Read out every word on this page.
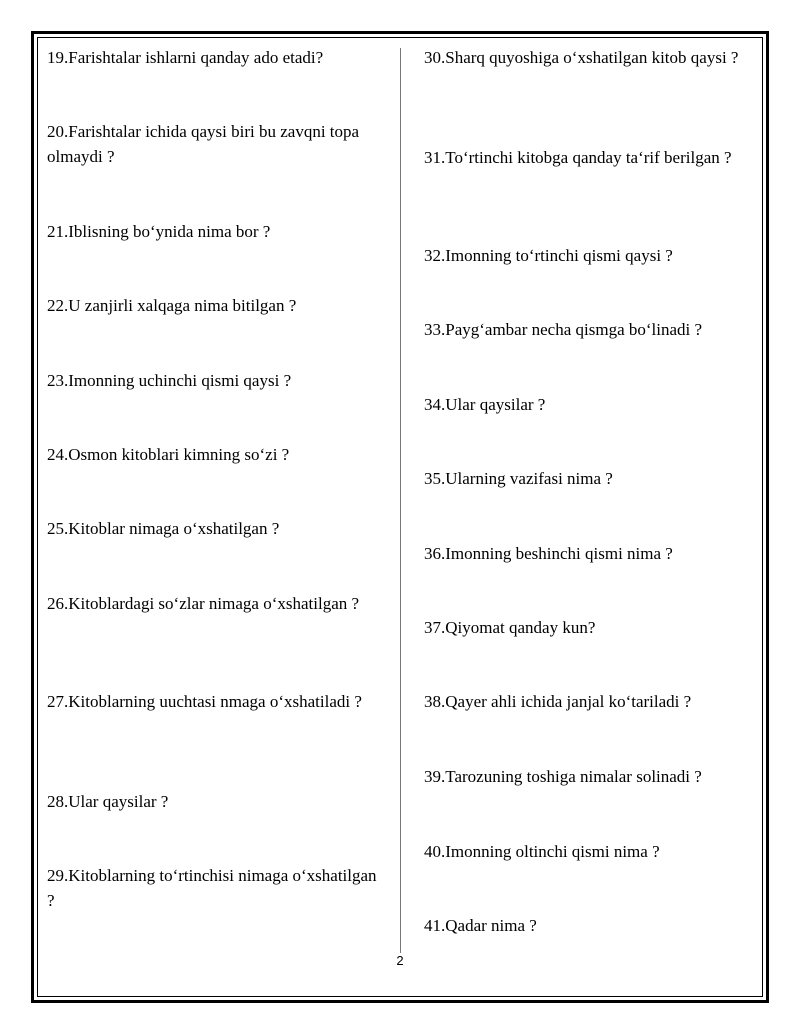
19.Farishtalar ishlarni qanday ado etadi?
20.Farishtalar ichida qaysi biri bu zavqni topa olmaydi ?
21.Iblisning bo‘ynida nima bor ?
22.U zanjirli xalqaga nima bitilgan ?
23.Imonning uchinchi qismi qaysi ?
24.Osmon kitoblari kimning so‘zi ?
25.Kitoblar nimaga o‘xshatilgan ?
26.Kitoblardagi so‘zlar nimaga o‘xshatilgan ?
27.Kitoblarning uuchtasi nmaga o‘xshatiladi ?
28.Ular qaysilar ?
29.Kitoblarning to‘rtinchisi nimaga o‘xshatilgan ?
30.Sharq quyoshiga o‘xshatilgan kitob qaysi ?
31.To‘rtinchi kitobga qanday ta‘rif berilgan ?
32.Imonning to‘rtinchi qismi qaysi ?
33.Payg‘ambar necha qismga bo‘linadi ?
34.Ular qaysilar ?
35.Ularning vazifasi nima ?
36.Imonning beshinchi qismi nima ?
37.Qiyomat qanday kun?
38.Qayer ahli ichida janjal ko‘tariladi ?
39.Tarozuning toshiga nimalar solinadi ?
40.Imonning oltinchi qismi nima ?
41.Qadar nima ?
2
